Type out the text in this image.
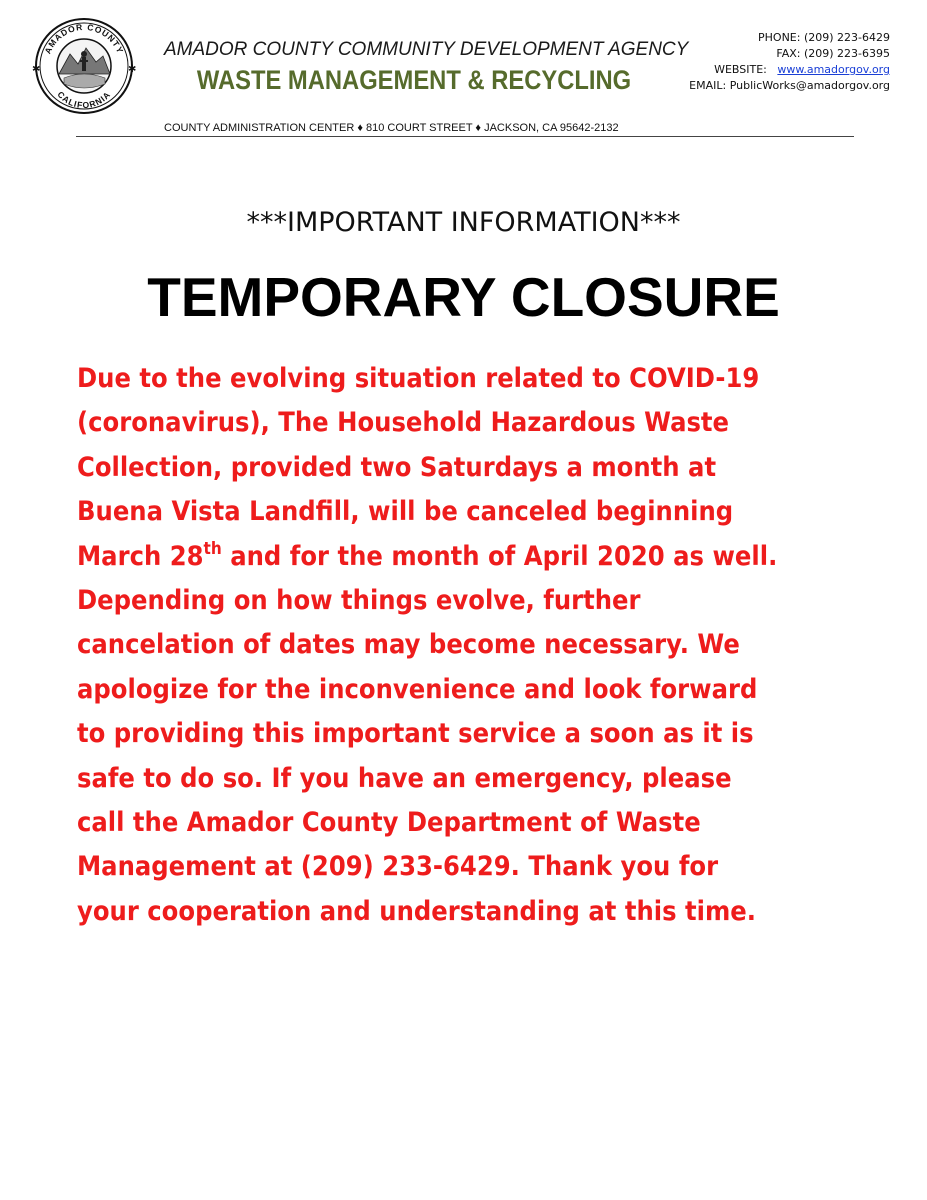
✱	✱
AMADOR COUNTY
CALIFORNIA
AMADOR COUNTY COMMUNITY DEVELOPMENT AGENCY
WASTE MANAGEMENT & RECYCLING
PHONE: (209) 223-6429
FAX: (209) 223-6395
WEBSITE: www.amadorgov.org
EMAIL: PublicWorks@amadorgov.org
COUNTY ADMINISTRATION CENTER ♦ 810 COURT STREET ♦ JACKSON, CA 95642-2132
***IMPORTANT INFORMATION***
TEMPORARY CLOSURE
Due to the evolving situation related to COVID-19
(coronavirus), The Household Hazardous Waste
Collection, provided two Saturdays a month at
Buena Vista Landfill, will be canceled beginning
March 28th and for the month of April 2020 as well.
Depending on how things evolve, further
cancelation of dates may become necessary. We
apologize for the inconvenience and look forward
to providing this important service a soon as it is
safe to do so. If you have an emergency, please
call the Amador County Department of Waste
Management at (209) 233-6429. Thank you for
your cooperation and understanding at this time.
